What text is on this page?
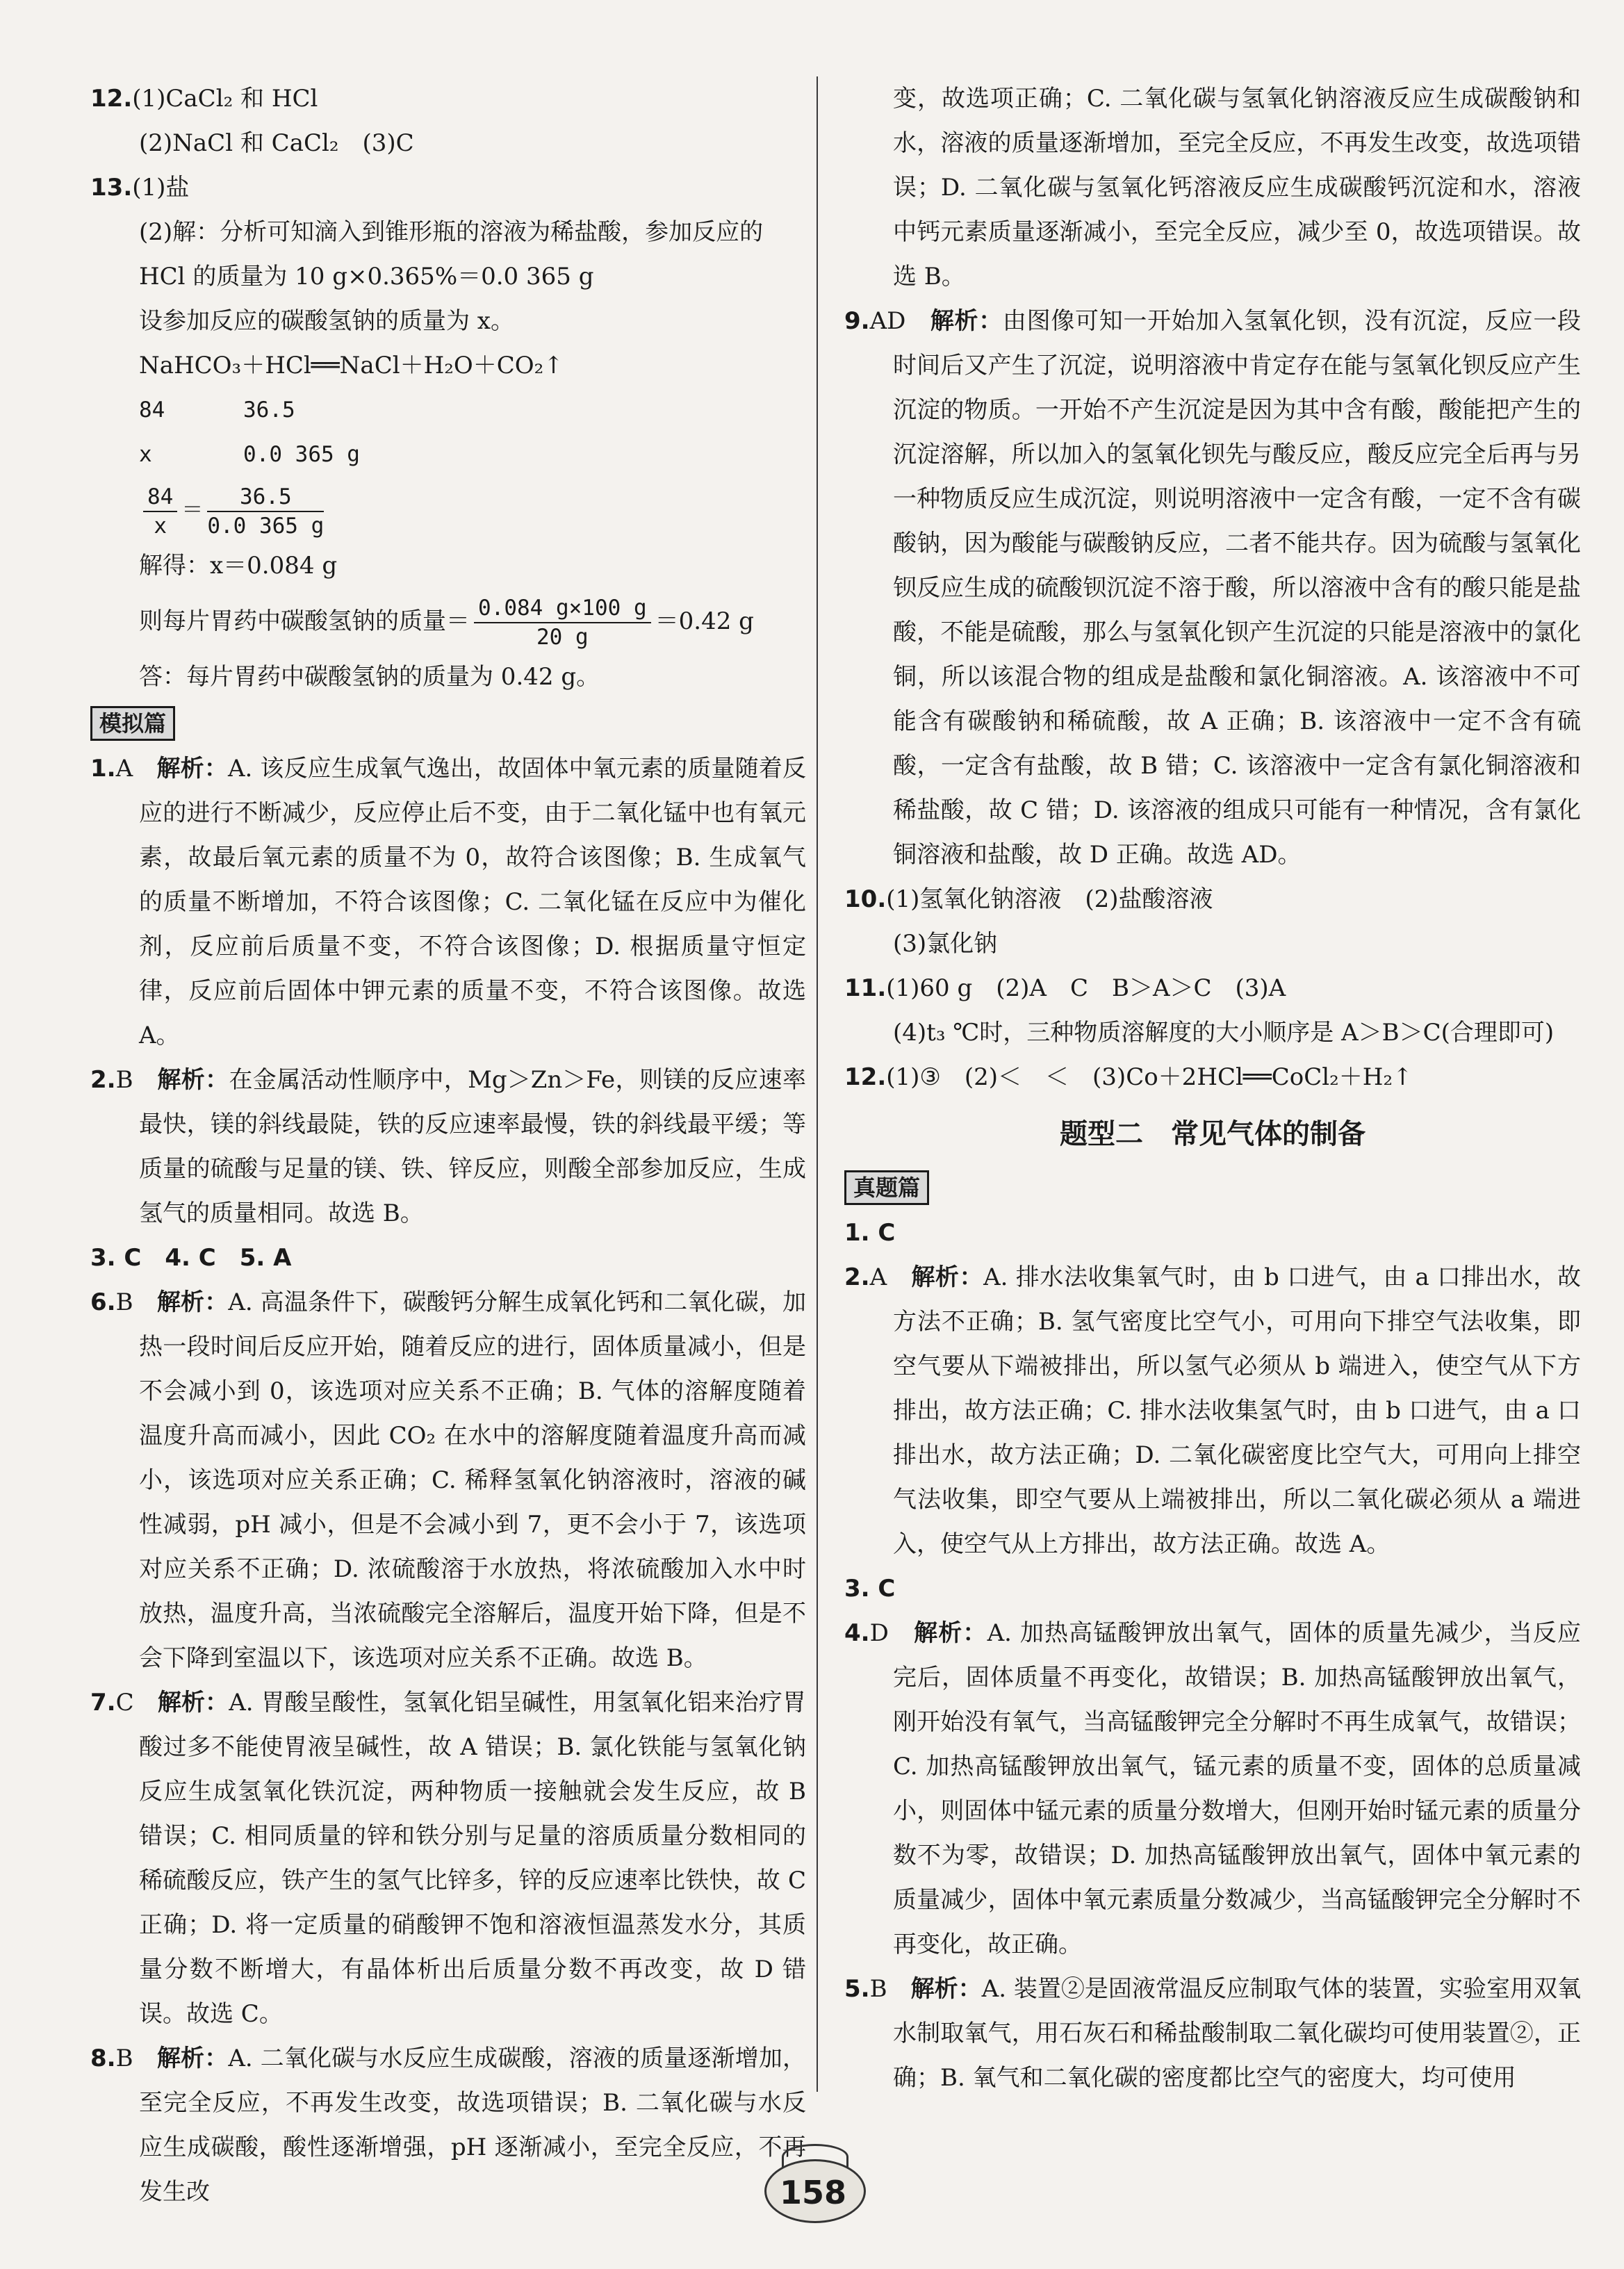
12.(1)CaCl₂ 和 HCl

(2)NaCl 和 CaCl₂　(3)C

13.(1)盐

(2)解：分析可知滴入到锥形瓶的溶液为稀盐酸，参加反应的

HCl 的质量为 10 g×0.365%＝0.0 365 g

设参加反应的碳酸氢钠的质量为 x。

NaHCO₃＋HCl══NaCl＋H₂O＋CO₂↑

84	36.5
x	0.0 365 g

$\frac{84}{x} = \frac{36.5}{0.0 365 g}$

解得：x＝0.084 g

则每片胃药中碳酸氢钠的质量＝ $\frac{0.084 g\times 100 g}{20 g} =0.42$ g

答：每片胃药中碳酸氢钠的质量为 0.42 g。

模拟篇

1.A　 解析：A. 该反应生成氧气逸出，故固体中氧元素的质量随着反应的进行不断减少，反应停止后不变，由于二氧化锰中也有氧元素，故最后氧元素的质量不为 0，故符合该图像；B. 生成氧气的质量不断增加，不符合该图像；C. 二氧化锰在反应中为催化剂，反应前后质量不变，不符合该图像；D. 根据质量守恒定律，反应前后固体中钾元素的质量不变，不符合该图像。故选 A。

2.B　 解析：在金属活动性顺序中，Mg＞Zn＞Fe，则镁的反应速率最快，镁的斜线最陡，铁的反应速率最慢，铁的斜线最平缓；等质量的硫酸与足量的镁、铁、锌反应，则酸全部参加反应，生成氢气的质量相同。故选 B。

3. C　4. C　5. A

6.B　 解析：A. 高温条件下，碳酸钙分解生成氧化钙和二氧化碳，加热一段时间后反应开始，随着反应的进行，固体质量减小，但是不会减小到 0，该选项对应关系不正确；B. 气体的溶解度随着温度升高而减小，因此 CO₂ 在水中的溶解度随着温度升高而减小，该选项对应关系正确；C. 稀释氢氧化钠溶液时，溶液的碱性减弱，pH 减小，但是不会减小到 7，更不会小于 7，该选项对应关系不正确；D. 浓硫酸溶于水放热，将浓硫酸加入水中时放热，温度升高，当浓硫酸完全溶解后，温度开始下降，但是不会下降到室温以下，该选项对应关系不正确。故选 B。

7.C　 解析：A. 胃酸呈酸性，氢氧化铝呈碱性，用氢氧化铝来治疗胃酸过多不能使胃液呈碱性，故 A 错误；B. 氯化铁能与氢氧化钠反应生成氢氧化铁沉淀，两种物质一接触就会发生反应，故 B 错误；C. 相同质量的锌和铁分别与足量的溶质质量分数相同的稀硫酸反应，铁产生的氢气比锌多，锌的反应速率比铁快，故 C 正确；D. 将一定质量的硝酸钾不饱和溶液恒温蒸发水分，其质量分数不断增大，有晶体析出后质量分数不再改变，故 D 错误。故选 C。

8.B　 解析：A. 二氧化碳与水反应生成碳酸，溶液的质量逐渐增加，至完全反应，不再发生改变，故选项错误；B. 二氧化碳与水反应生成碳酸，酸性逐渐增强，pH 逐渐减小，至完全反应，不再发生改

变，故选项正确；C. 二氧化碳与氢氧化钠溶液反应生成碳酸钠和水，溶液的质量逐渐增加，至完全反应，不再发生改变，故选项错误；D. 二氧化碳与氢氧化钙溶液反应生成碳酸钙沉淀和水，溶液中钙元素质量逐渐减小，至完全反应，减少至 0，故选项错误。故选 B。

9.AD　 解析：由图像可知一开始加入氢氧化钡，没有沉淀，反应一段时间后又产生了沉淀，说明溶液中肯定存在能与氢氧化钡反应产生沉淀的物质。一开始不产生沉淀是因为其中含有酸，酸能把产生的沉淀溶解，所以加入的氢氧化钡先与酸反应，酸反应完全后再与另一种物质反应生成沉淀，则说明溶液中一定含有酸，一定不含有碳酸钠，因为酸能与碳酸钠反应，二者不能共存。因为硫酸与氢氧化钡反应生成的硫酸钡沉淀不溶于酸，所以溶液中含有的酸只能是盐酸，不能是硫酸，那么与氢氧化钡产生沉淀的只能是溶液中的氯化铜，所以该混合物的组成是盐酸和氯化铜溶液。A. 该溶液中不可能含有碳酸钠和稀硫酸，故 A 正确；B. 该溶液中一定不含有硫酸，一定含有盐酸，故 B 错；C. 该溶液中一定含有氯化铜溶液和稀盐酸，故 C 错；D. 该溶液的组成只可能有一种情况，含有氯化铜溶液和盐酸，故 D 正确。故选 AD。

10.(1)氢氧化钠溶液　(2)盐酸溶液

(3)氯化钠

11.(1)60 g　(2)A　C　B＞A＞C　(3)A

(4)t₃ ℃时，三种物质溶解度的大小顺序是 A＞B＞C(合理即可)

12.(1)③　(2)＜　＜　(3)Co＋2HCl══CoCl₂＋H₂↑

题型二　常见气体的制备
真题篇

1. C

2.A　 解析：A. 排水法收集氧气时，由 b 口进气，由 a 口排出水，故方法不正确；B. 氢气密度比空气小，可用向下排空气法收集，即空气要从下端被排出，所以氢气必须从 b 端进入，使空气从下方排出，故方法正确；C. 排水法收集氢气时，由 b 口进气，由 a 口排出水，故方法正确；D. 二氧化碳密度比空气大，可用向上排空气法收集，即空气要从上端被排出，所以二氧化碳必须从 a 端进入，使空气从上方排出，故方法正确。故选 A。

3. C

4.D　 解析：A. 加热高锰酸钾放出氧气，固体的质量先减少，当反应完后，固体质量不再变化，故错误；B. 加热高锰酸钾放出氧气，刚开始没有氧气，当高锰酸钾完全分解时不再生成氧气，故错误；C. 加热高锰酸钾放出氧气，锰元素的质量不变，固体的总质量减小，则固体中锰元素的质量分数增大，但刚开始时锰元素的质量分数不为零，故错误；D. 加热高锰酸钾放出氧气，固体中氧元素的质量减少，固体中氧元素质量分数减少，当高锰酸钾完全分解时不再变化，故正确。

5.B　 解析：A. 装置②是固液常温反应制取气体的装置，实验室用双氧水制取氧气，用石灰石和稀盐酸制取二氧化碳均可使用装置②，正确；B. 氧气和二氧化碳的密度都比空气的密度大，均可使用

158
